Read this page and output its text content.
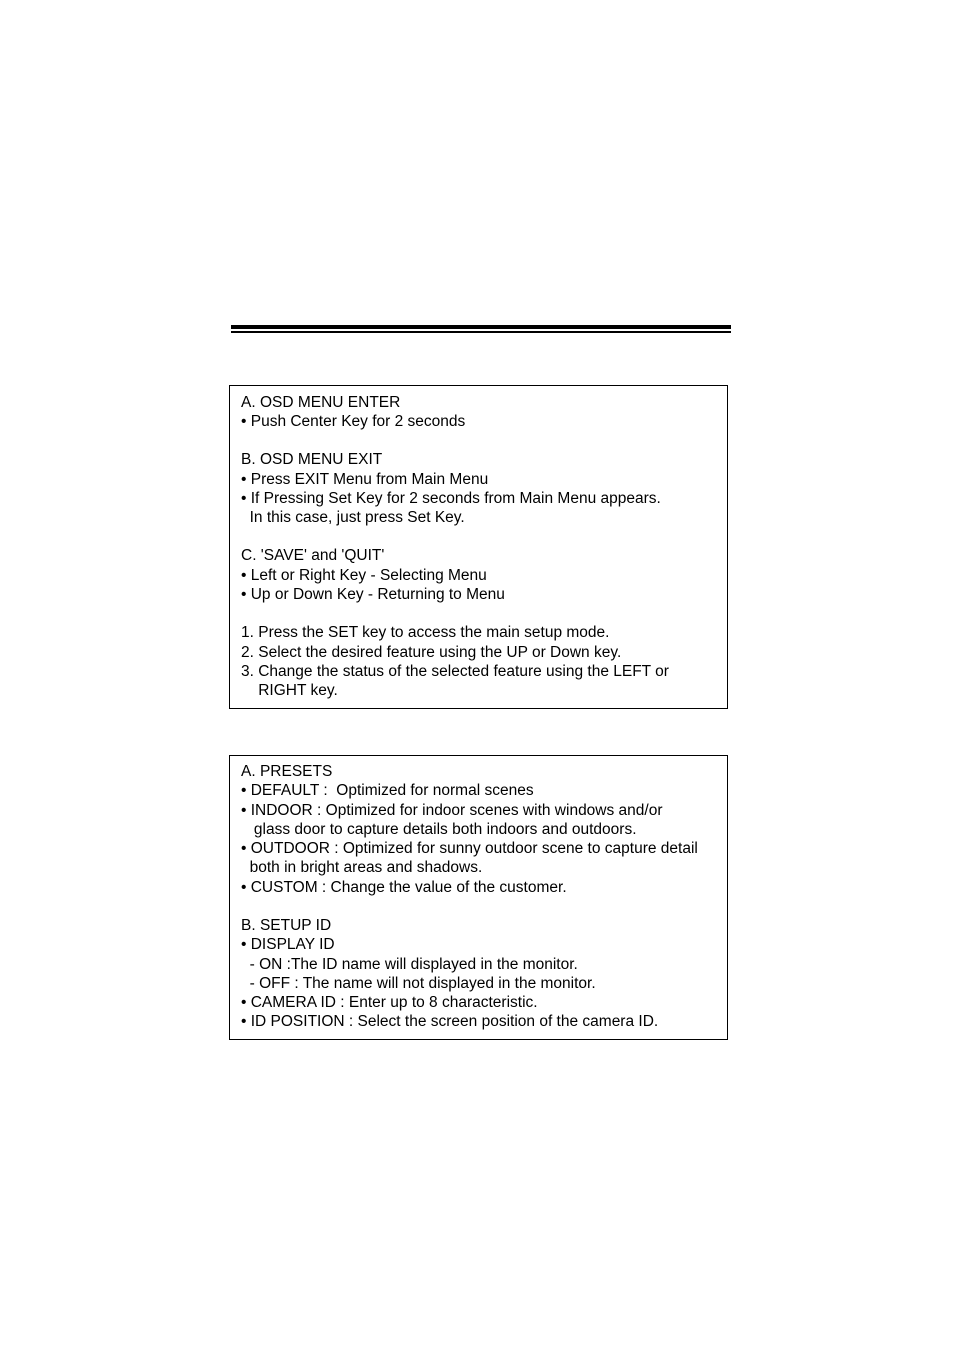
A. OSD MENU ENTER
• Push Center Key for 2 seconds
B. OSD MENU EXIT
• Press EXIT Menu from Main Menu
• If Pressing Set Key for 2 seconds from Main Menu appears.
In this case, just press Set Key.
C. 'SAVE' and 'QUIT'
• Left or Right Key - Selecting Menu
• Up or Down Key - Returning to Menu
1. Press the SET key to access the main setup mode.
2. Select the desired feature using the UP or Down key.
3. Change the status of the selected feature using the LEFT or
RIGHT key.
A. PRESETS
• DEFAULT :  Optimized for normal scenes
• INDOOR : Optimized for indoor scenes with windows and/or
glass door to capture details both indoors and outdoors.
• OUTDOOR : Optimized for sunny outdoor scene to capture detail
both in bright areas and shadows.
• CUSTOM : Change the value of the customer.
B. SETUP ID
• DISPLAY ID
- ON :The ID name will displayed in the monitor.
- OFF : The name will not displayed in the monitor.
• CAMERA ID : Enter up to 8 characteristic.
• ID POSITION : Select the screen position of the camera ID.
